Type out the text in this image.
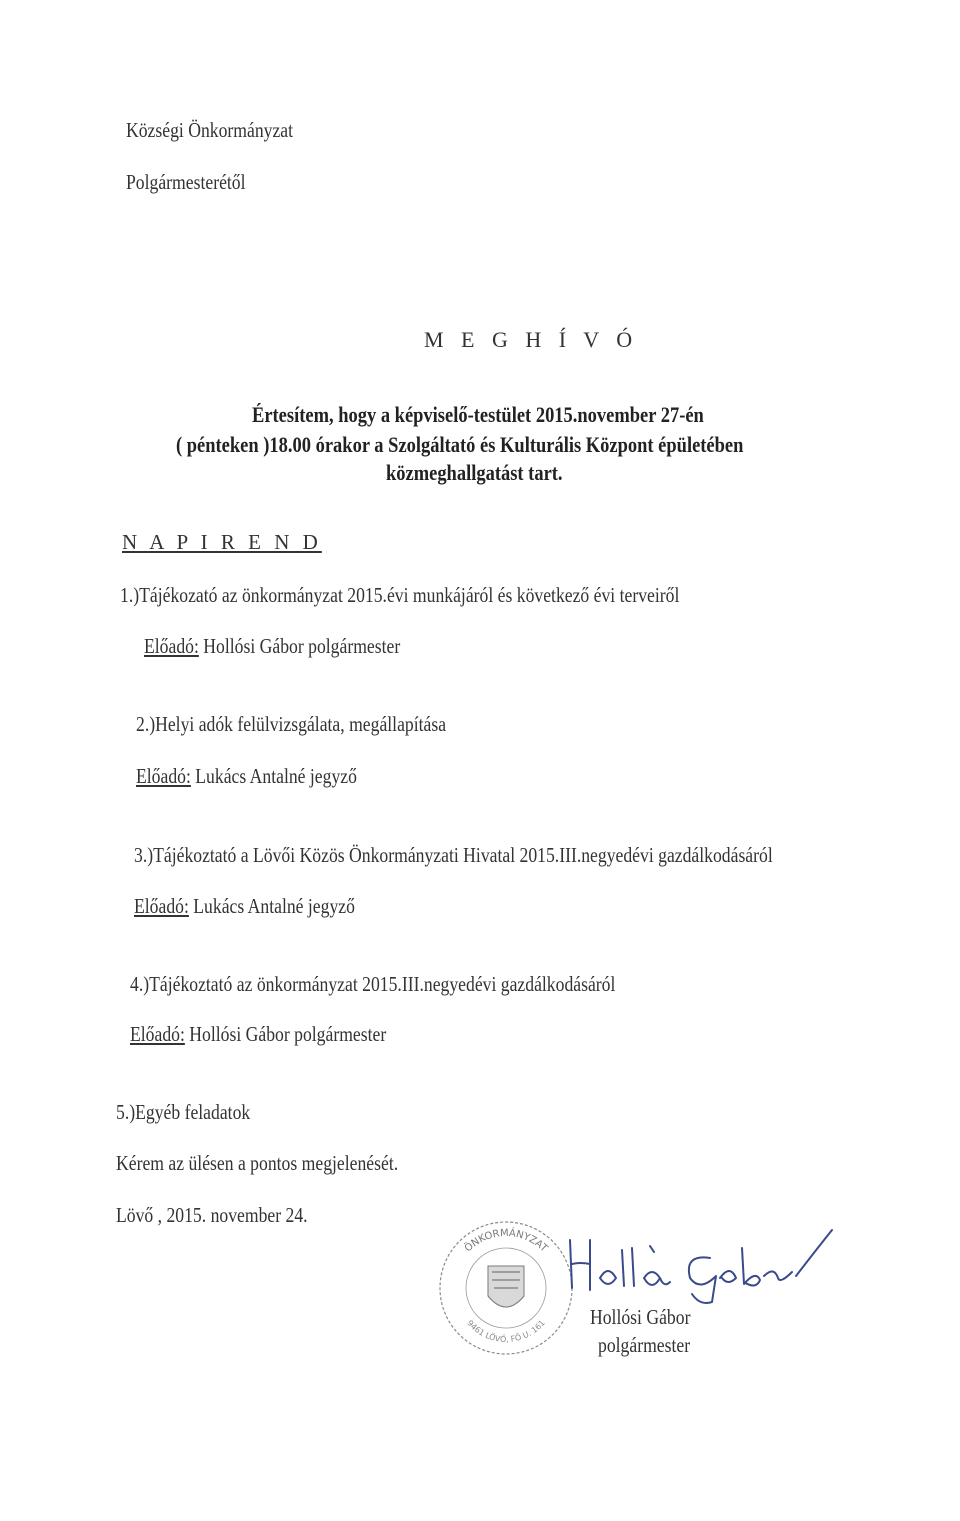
Községi Önkormányzat
Polgármesterétől
M E G H Í V Ó
Értesítem, hogy a képviselő-testület 2015.november 27-én
( pénteken )18.00 órakor a Szolgáltató és Kulturális Központ épületében
közmeghallgatást tart.
N A P I R E N D
1.)Tájékozató az önkormányzat 2015.évi munkájáról és következő évi terveiről
Előadó: Hollósi Gábor polgármester
2.)Helyi adók felülvizsgálata, megállapítása
Előadó: Lukács Antalné jegyző
3.)Tájékoztató a Lövői Közös Önkormányzati Hivatal 2015.III.negyedévi gazdálkodásáról
Előadó: Lukács Antalné jegyző
4.)Tájékoztató az önkormányzat 2015.III.negyedévi gazdálkodásáról
Előadó: Hollósi Gábor polgármester
5.)Egyéb feladatok
Kérem az ülésen a pontos megjelenését.
Lövő , 2015. november 24.
ÖNKORMÁNYZAT
9461 LÖVŐ, FŐ U. 161 Hollósi Gábor
polgármester
